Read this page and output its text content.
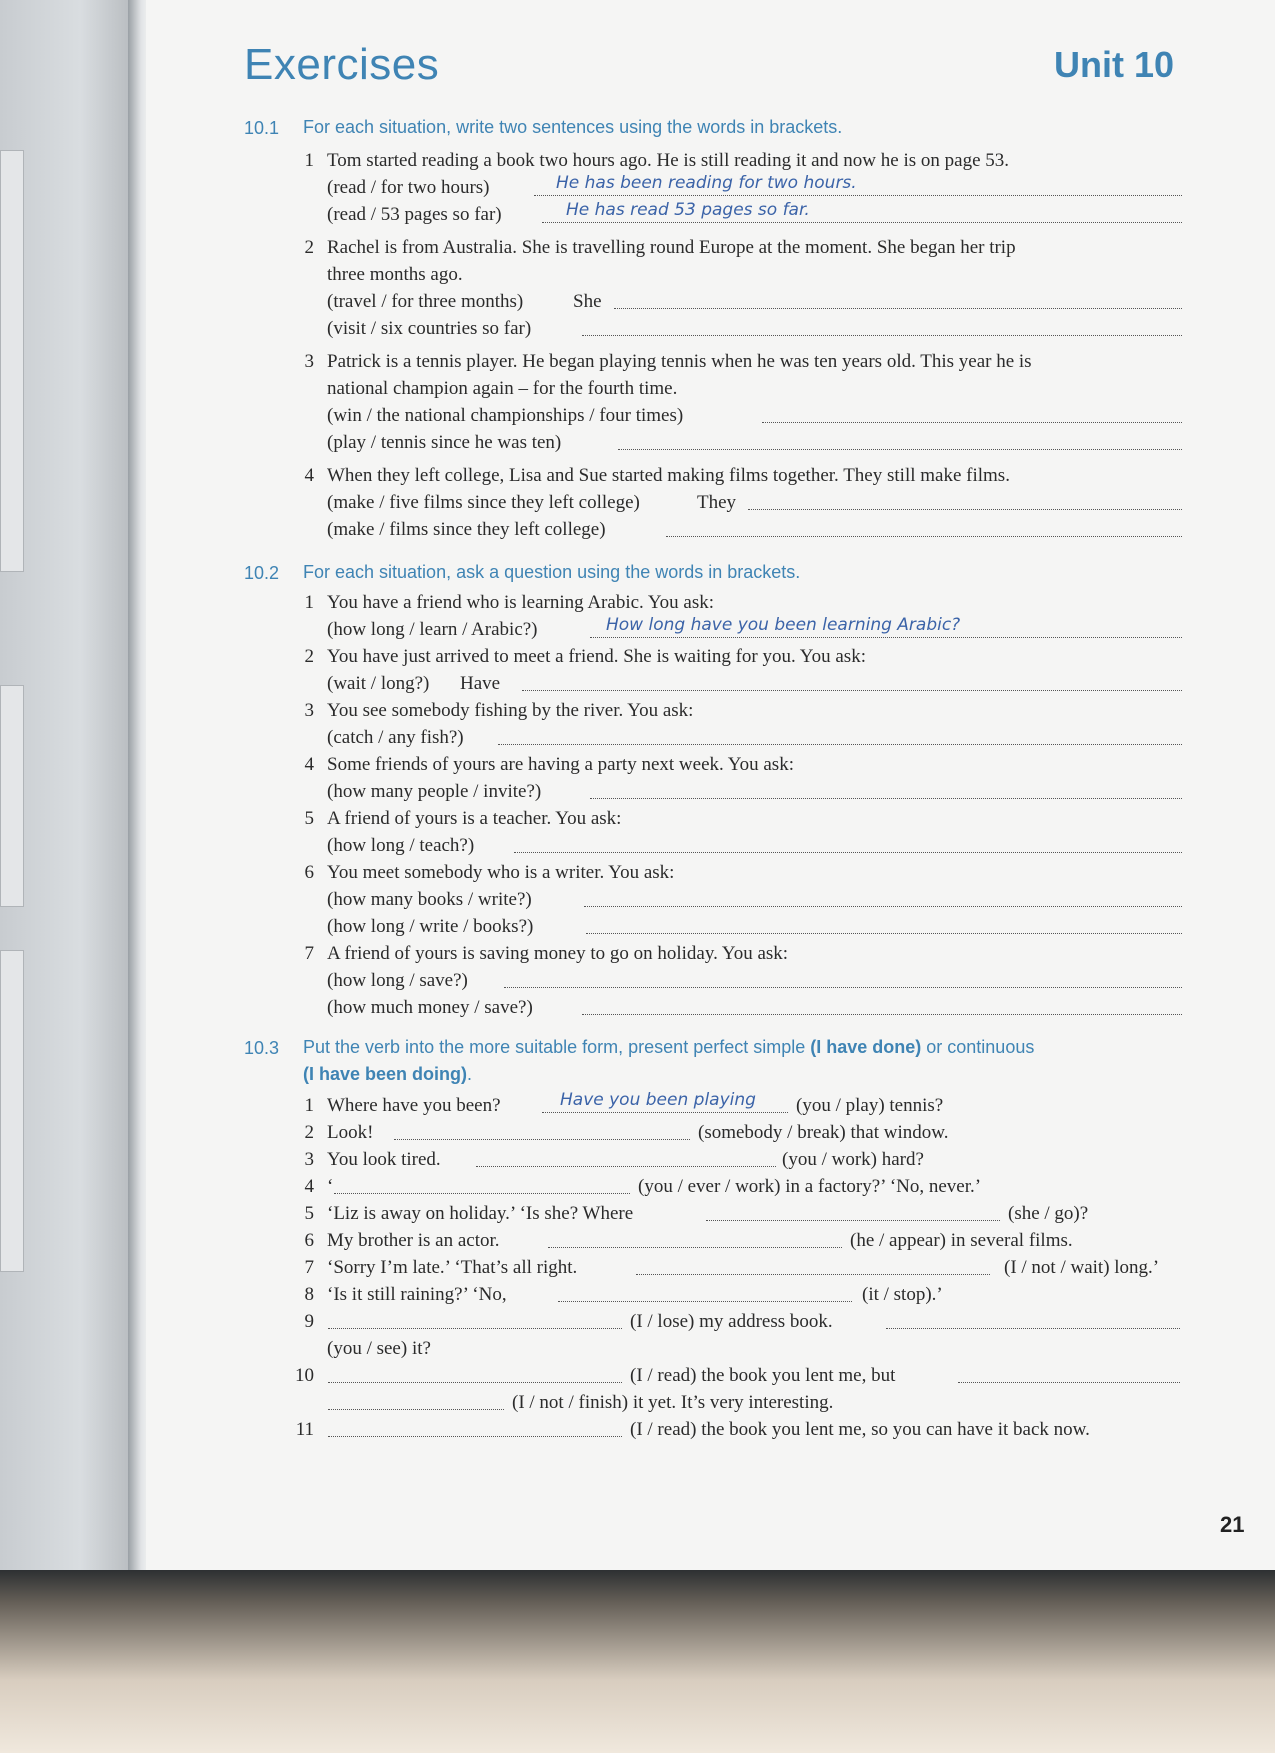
Exercises	Unit 10
10.1 For each situation, write two sentences using the words in brackets.
1 Tom started reading a book two hours ago. He is still reading it and now he is on page 53.
(read / for two hours)	He has been reading for two hours.
(read / 53 pages so far)	He has read 53 pages so far.
2 Rachel is from Australia. She is travelling round Europe at the moment. She began her trip
three months ago.
(travel / for three months)	She
(visit / six countries so far)
3 Patrick is a tennis player. He began playing tennis when he was ten years old. This year he is
national champion again – for the fourth time.
(win / the national championships / four times)
(play / tennis since he was ten)
4 When they left college, Lisa and Sue started making films together. They still make films.
(make / five films since they left college)	They
(make / films since they left college)
10.2 For each situation, ask a question using the words in brackets.
1 You have a friend who is learning Arabic. You ask:
(how long / learn / Arabic?)	How long have you been learning Arabic?
2 You have just arrived to meet a friend. She is waiting for you. You ask:
(wait / long?) Have
3 You see somebody fishing by the river. You ask:
(catch / any fish?)
4 Some friends of yours are having a party next week. You ask:
(how many people / invite?)
5 A friend of yours is a teacher. You ask:
(how long / teach?)
6 You meet somebody who is a writer. You ask:
(how many books / write?)
(how long / write / books?)
7 A friend of yours is saving money to go on holiday. You ask:
(how long / save?)
(how much money / save?)
10.3 Put the verb into the more suitable form, present perfect simple (I have done) or continuous
(I have been doing).
1 Where have you been?	Have you been playing (you / play) tennis?
2 Look!	(somebody / break) that window.
3 You look tired.	(you / work) hard?
4 ‘	(you / ever / work) in a factory?’ ‘No, never.’
5 ‘Liz is away on holiday.’ ‘Is she? Where	(she / go)?
6 My brother is an actor.	(he / appear) in several films.
7 ‘Sorry I’m late.’ ‘That’s all right.	(I / not / wait) long.’
8 ‘Is it still raining?’ ‘No,	(it / stop).’
9	(I / lose) my address book.
(you / see) it?
10	(I / read) the book you lent me, but
(I / not / finish) it yet. It’s very interesting.
11	(I / read) the book you lent me, so you can have it back now.
21
